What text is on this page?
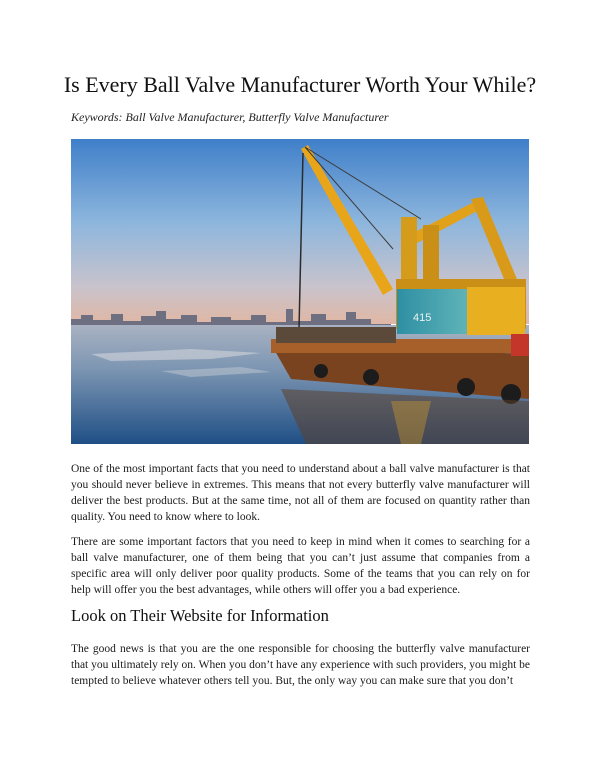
Is Every Ball Valve Manufacturer Worth Your While?

Keywords: Ball Valve Manufacturer, Butterfly Valve Manufacturer

415

One of the most important facts that you need to understand about a ball valve manufacturer is that you should never believe in extremes. This means that not every butterfly valve manufacturer will deliver the best products. But at the same time, not all of them are focused on quantity rather than quality. You need to know where to look.

There are some important factors that you need to keep in mind when it comes to searching for a ball valve manufacturer, one of them being that you can’t just assume that companies from a specific area will only deliver poor quality products. Some of the teams that you can rely on for help will offer you the best advantages, while others will offer you a bad experience.

Look on Their Website for Information

The good news is that you are the one responsible for choosing the butterfly valve manufacturer that you ultimately rely on. When you don’t have any experience with such providers, you might be tempted to believe whatever others tell you. But, the only way you can make sure that you don’t
